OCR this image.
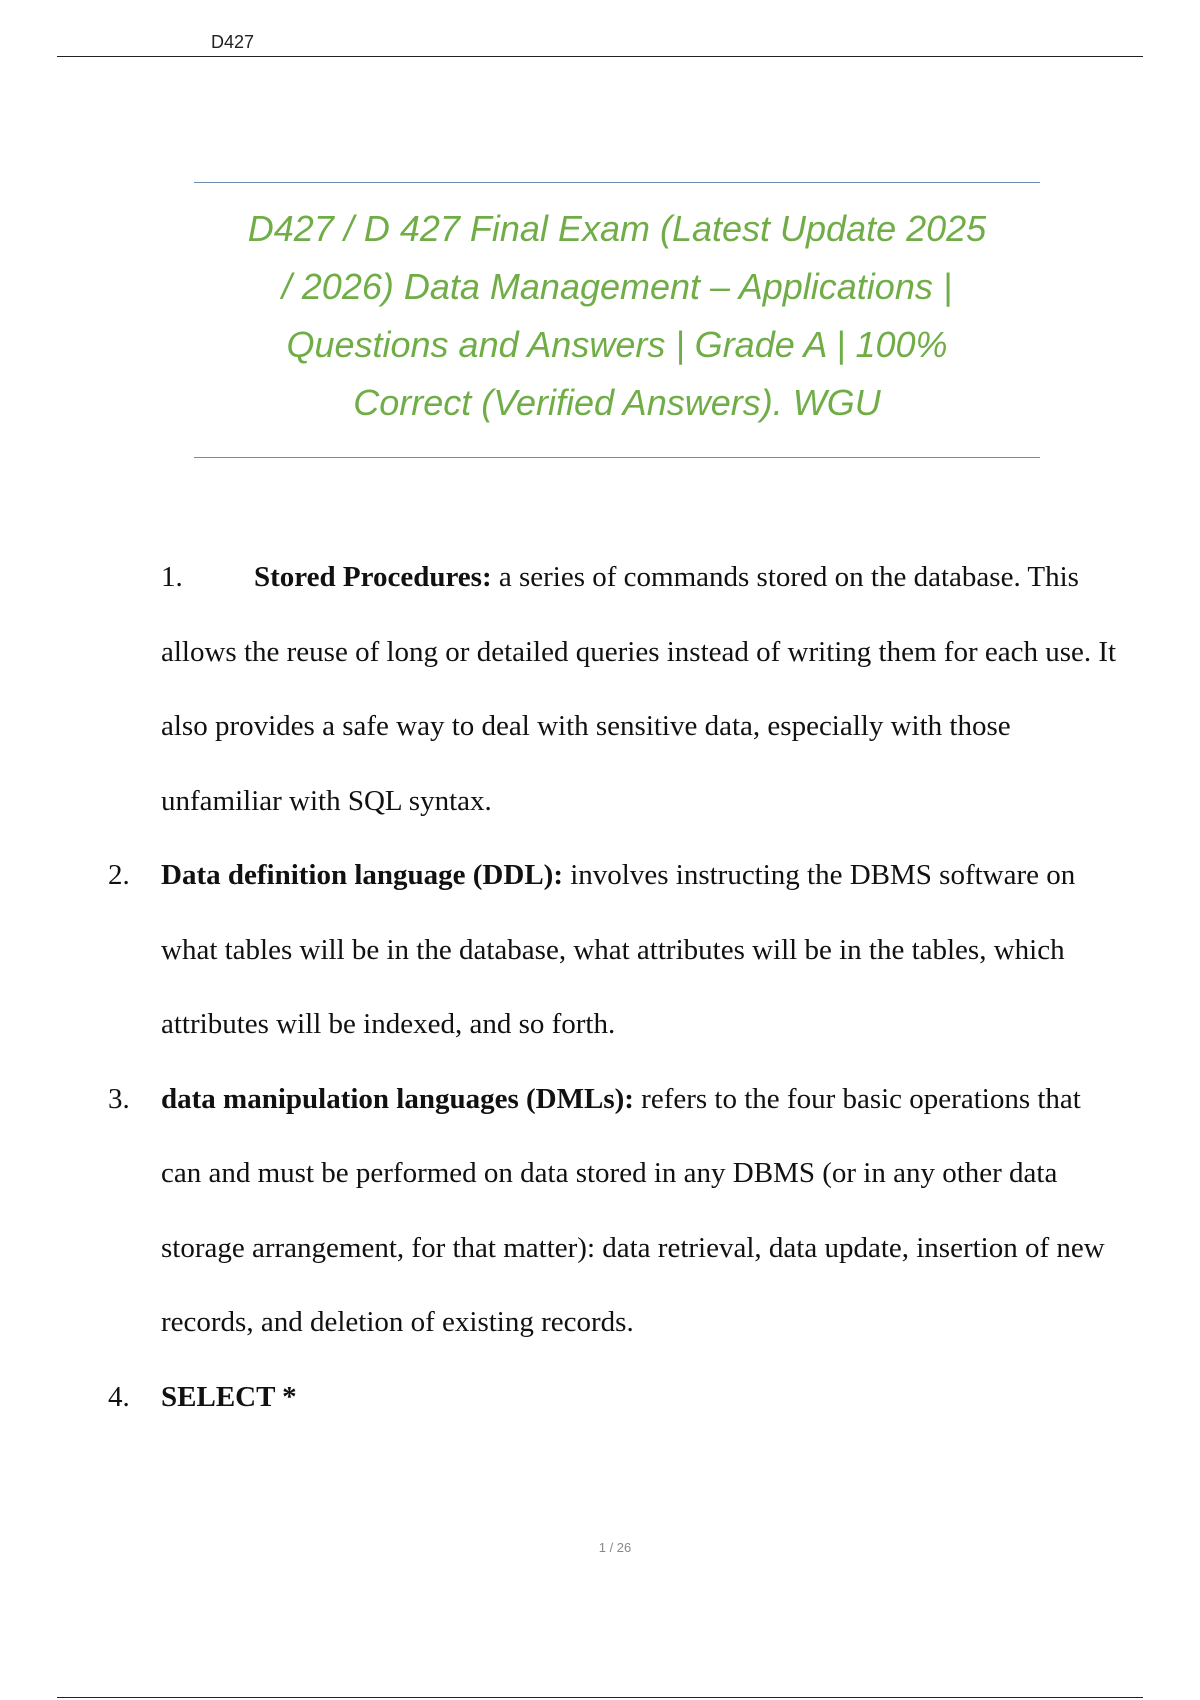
D427
D427 / D 427 Final Exam (Latest Update 2025
/ 2026) Data Management – Applications |
Questions and Answers | Grade A | 100%
Correct (Verified Answers). WGU
1.	Stored Procedures: a series of commands stored on the database. This allows the reuse of long or detailed queries instead of writing them for each use. It also provides a safe way to deal with sensitive data, especially with those unfamiliar with SQL syntax.
2. Data definition language (DDL): involves instructing the DBMS software on what tables will be in the database, what attributes will be in the tables, which attributes will be indexed, and so forth.
3. data manipulation languages (DMLs): refers to the four basic operations that can and must be performed on data stored in any DBMS (or in any other data storage arrangement, for that matter): data retrieval, data update, insertion of new records, and deletion of existing records.
4. SELECT *
1 / 26
